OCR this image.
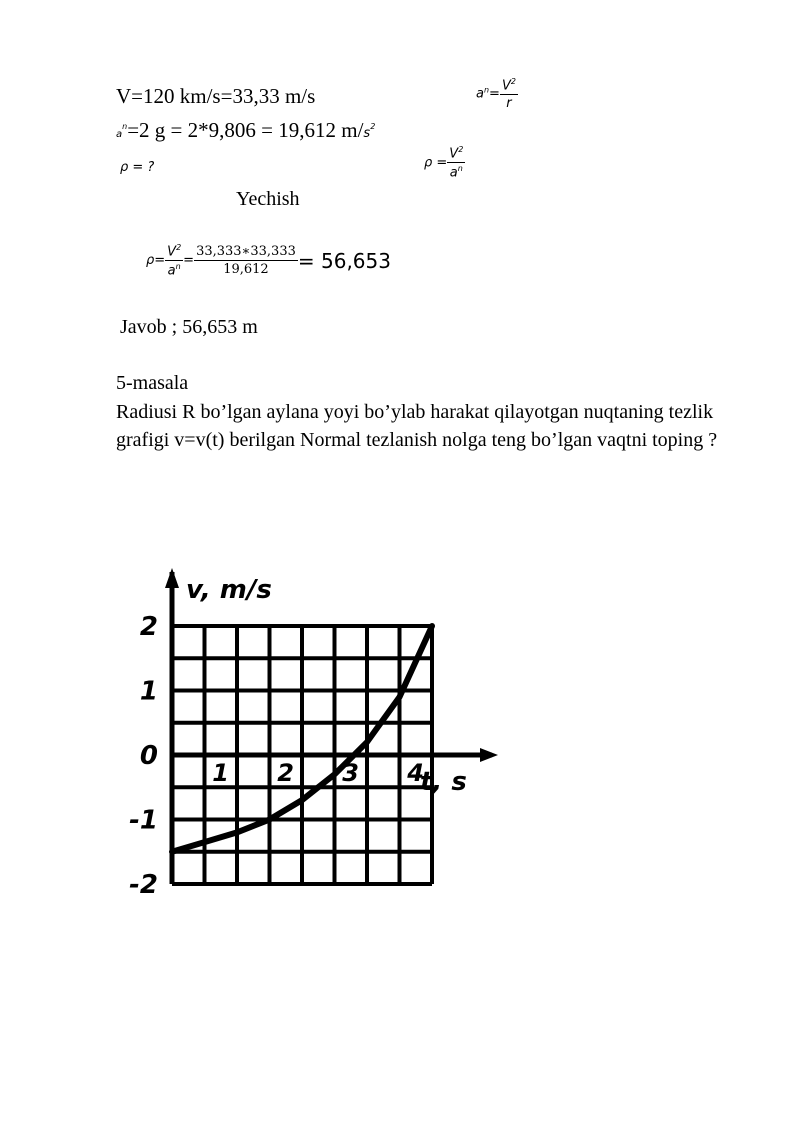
V=120 km/s=33,33 m/s
$a^n=2$ g = 2*9,806 = 19,612 $m/s^2$
ρ = ?
$a^n= \frac{V^2}{r}$
$\rho = \frac{V^2}{a^n}$
Yechish
$\rho= \frac{V^2}{a^n} = \frac{33,333∗33,333}{19,612} = 56,653$
Javob ; 56,653 m
5-masala
Radiusi R bo’lgan aylana yoyi bo’ylab harakat qilayotgan nuqtaning tezlik grafigi v=v(t) berilgan Normal tezlanish nolga teng bo’lgan vaqtni toping ?
2
1
0
-1
-2
1 2 3 4
v, m/s
t, s
